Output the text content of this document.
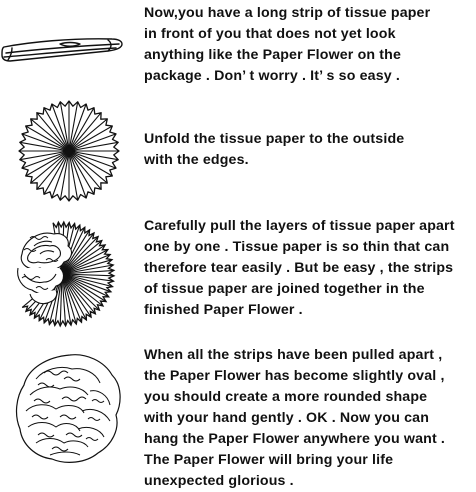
Now,you have a long strip of tissue paper
in front of you that does not yet look
anything like the Paper Flower on the
package . Don’ t worry . It’ s so easy .
Unfold the tissue paper to the outside
with the edges.
Carefully pull the layers of tissue paper apart
one by one . Tissue paper is so thin that can
therefore tear easily . But be easy , the strips
of tissue paper are joined together in the
finished Paper Flower .
When all the strips have been pulled apart ,
the Paper Flower has become slightly oval ,
you should create a more rounded shape
with your hand gently . OK . Now you can
hang the Paper Flower anywhere you want .
The Paper Flower will bring your life
unexpected glorious .
